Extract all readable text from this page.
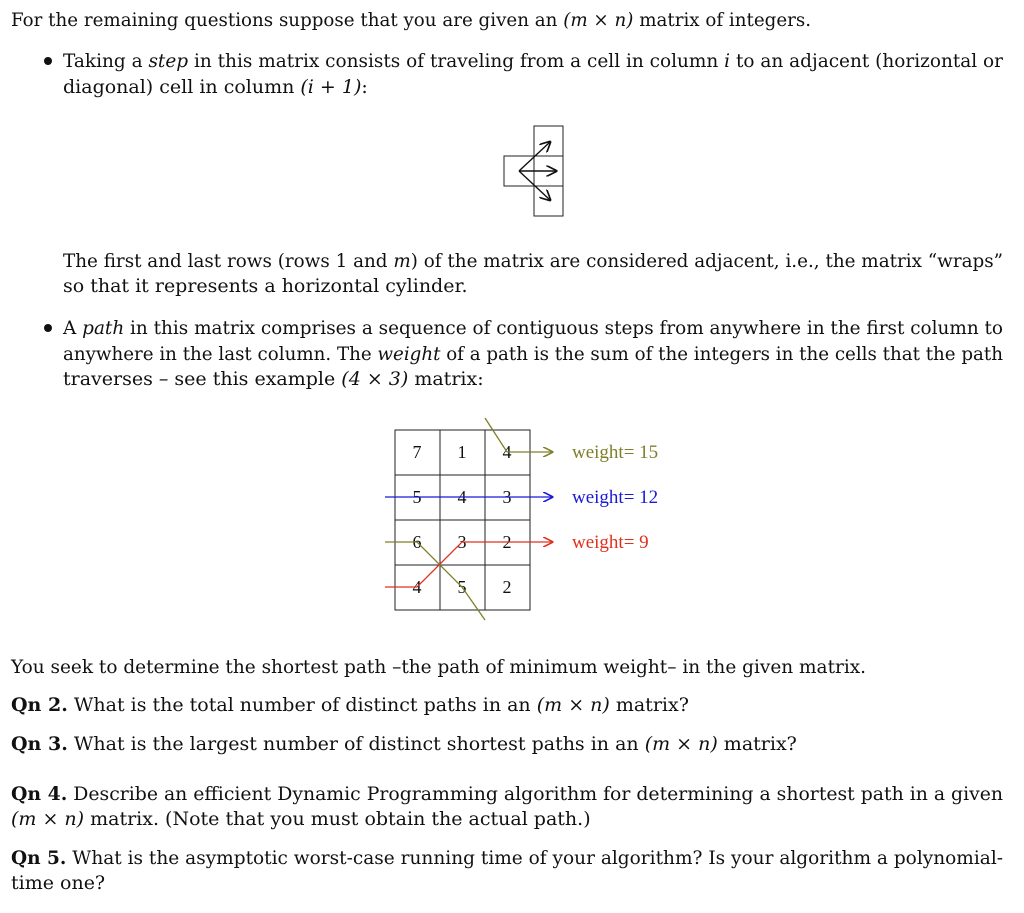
For the remaining questions suppose that you are given an (m × n) matrix of integers.
Taking a step in this matrix consists of traveling from a cell in column i to an adjacent (horizontal or
diagonal) cell in column (i + 1):
The first and last rows (rows 1 and m) of the matrix are considered adjacent, i.e., the matrix “wraps”
so that it represents a horizontal cylinder.
A path in this matrix comprises a sequence of contiguous steps from anywhere in the first column to
anywhere in the last column. The weight of a path is the sum of the integers in the cells that the path
traverses – see this example (4 × 3) matrix:
7 1 4
5 4 3
6 3 2
4 5 2
weight= 15
weight= 12
weight= 9
You seek to determine the shortest path –the path of minimum weight– in the given matrix.
Qn 2. What is the total number of distinct paths in an (m × n) matrix?
Qn 3. What is the largest number of distinct shortest paths in an (m × n) matrix?
Qn 4. Describe an efficient Dynamic Programming algorithm for determining a shortest path in a given
(m × n) matrix. (Note that you must obtain the actual path.)
Qn 5. What is the asymptotic worst-case running time of your algorithm? Is your algorithm a polynomial-
time one?
